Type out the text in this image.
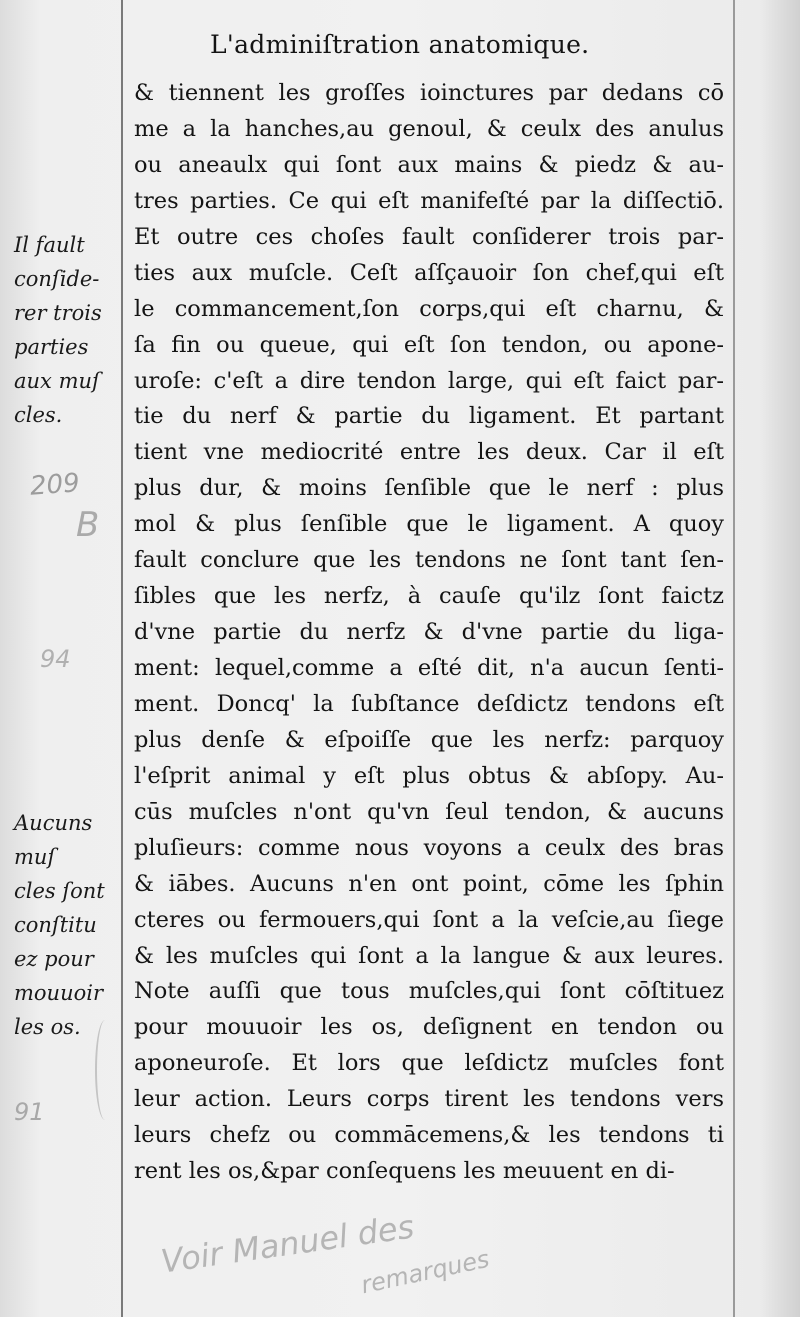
L'adminiſtration anatomique.
& tiennent les groſſes ioinctures par dedans cō
me a la hanches,au genoul, & ceulx des anulus
ou aneaulx qui ſont aux mains & piedz & au-
tres parties. Ce qui eſt manifeſté par la diſſectiō.
Et outre ces choſes fault conſiderer trois par-
ties aux muſcle. Ceſt aſſçauoir ſon chef,qui eſt
le commancement,ſon corps,qui eſt charnu, &
ſa fin ou queue, qui eſt ſon tendon, ou apone-
uroſe: c'eſt a dire tendon large, qui eſt faict par-
tie du nerf & partie du ligament. Et partant
tient vne mediocrité entre les deux. Car il eſt
plus dur, & moins ſenſible que le nerf : plus
mol & plus ſenſible que le ligament. A quoy
fault conclure que les tendons ne ſont tant ſen-
ſibles que les nerfz, à cauſe qu'ilz ſont faictz
d'vne partie du nerfz & d'vne partie du liga-
ment: lequel,comme a eſté dit, n'a aucun ſenti-
ment. Doncq' la ſubſtance deſdictz tendons eſt
plus denſe & eſpoiſſe que les nerfz: parquoy
l'eſprit animal y eſt plus obtus & abſopy. Au-
cūs muſcles n'ont qu'vn ſeul tendon, & aucuns
pluſieurs: comme nous voyons a ceulx des bras
& iābes. Aucuns n'en ont point, cōme les ſphin
cteres ou fermouers,qui ſont a la veſcie,au ſiege
& les muſcles qui ſont a la langue & aux leures.
Note auſſi que tous muſcles,qui ſont cōſtituez
pour mouuoir les os, deſignent en tendon ou
aponeuroſe. Et lors que leſdictz muſcles font
leur action. Leurs corps tirent les tendons vers
leurs chefz ou commācemens,& les tendons ti
rent les os,&par conſequens les meuuent en di-
Il fault
conſide-
rer trois
parties
aux muſ
cles.
Aucuns
muſ
cles ſont
conſtitu
ez pour
mouuoir
les os.
209
B
94
91
Voir Manuel des
remarques
